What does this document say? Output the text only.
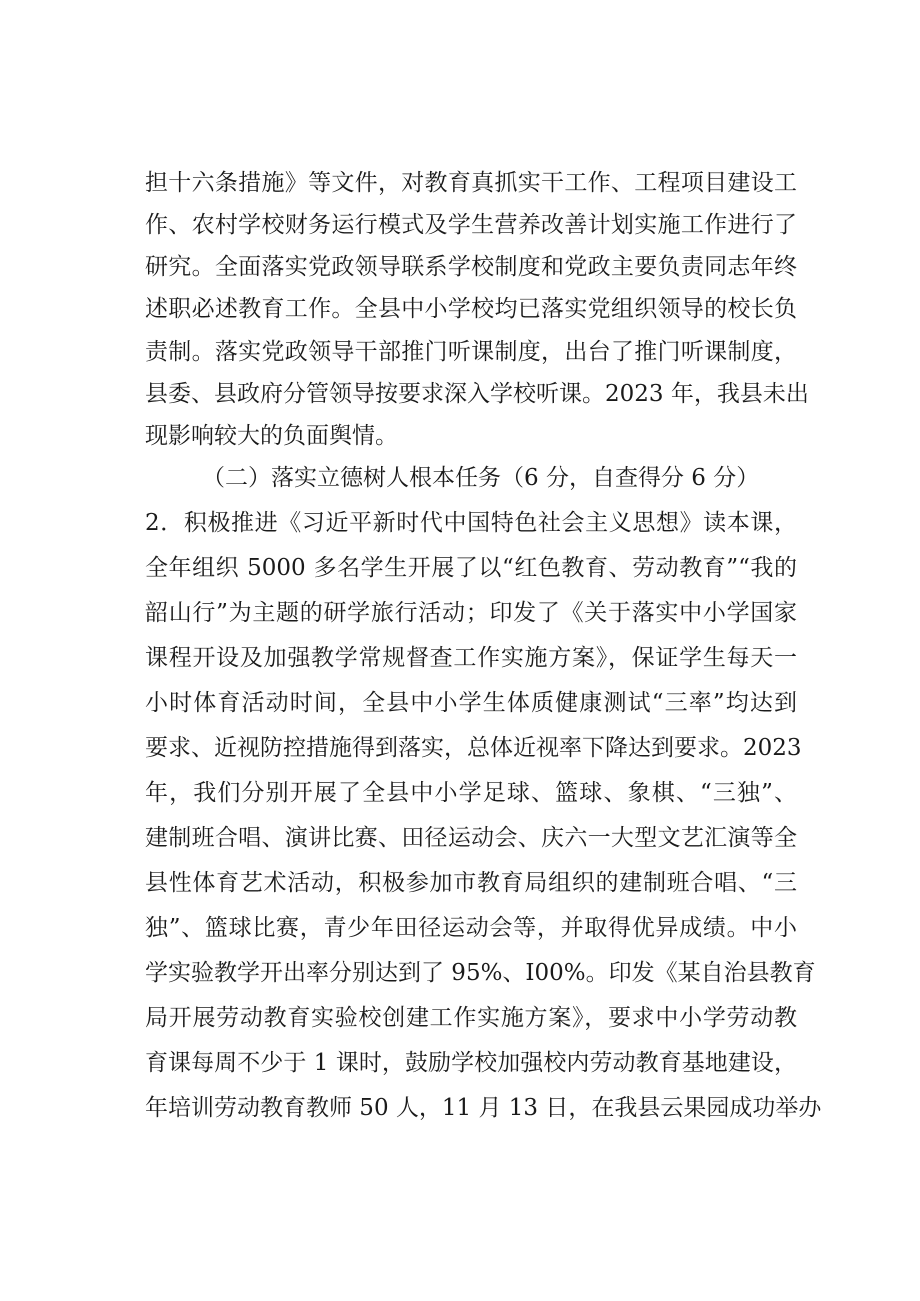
担十六条措施》等文件，对教育真抓实干工作、工程项目建设工
作、农村学校财务运行模式及学生营养改善计划实施工作进行了
研究。全面落实党政领导联系学校制度和党政主要负责同志年终
述职必述教育工作。全县中小学校均已落实党组织领导的校长负
责制。落实党政领导干部推门听课制度，出台了推门听课制度，
县委、县政府分管领导按要求深入学校听课。2023 年，我县未出
现影响较大的负面舆情。
（二）落实立德树人根本任务（6 分，自查得分 6 分）
2．积极推进《习近平新时代中国特色社会主义思想》读本课，
全年组织 5000 多名学生开展了以“红色教育、劳动教育”“我的
韶山行”为主题的研学旅行活动；印发了《关于落实中小学国家
课程开设及加强教学常规督查工作实施方案》，保证学生每天一
小时体育活动时间，全县中小学生体质健康测试“三率”均达到
要求、近视防控措施得到落实，总体近视率下降达到要求。2023
年，我们分别开展了全县中小学足球、篮球、象棋、“三独”、
建制班合唱、演讲比赛、田径运动会、庆六一大型文艺汇演等全
县性体育艺术活动，积极参加市教育局组织的建制班合唱、“三
独”、篮球比赛，青少年田径运动会等，并取得优异成绩。中小
学实验教学开出率分别达到了 95%、I00%。印发《某自治县教育
局开展劳动教育实验校创建工作实施方案》，要求中小学劳动教
育课每周不少于 1 课时，鼓励学校加强校内劳动教育基地建设，
年培训劳动教育教师 50 人，11 月 13 日，在我县云果园成功举办
